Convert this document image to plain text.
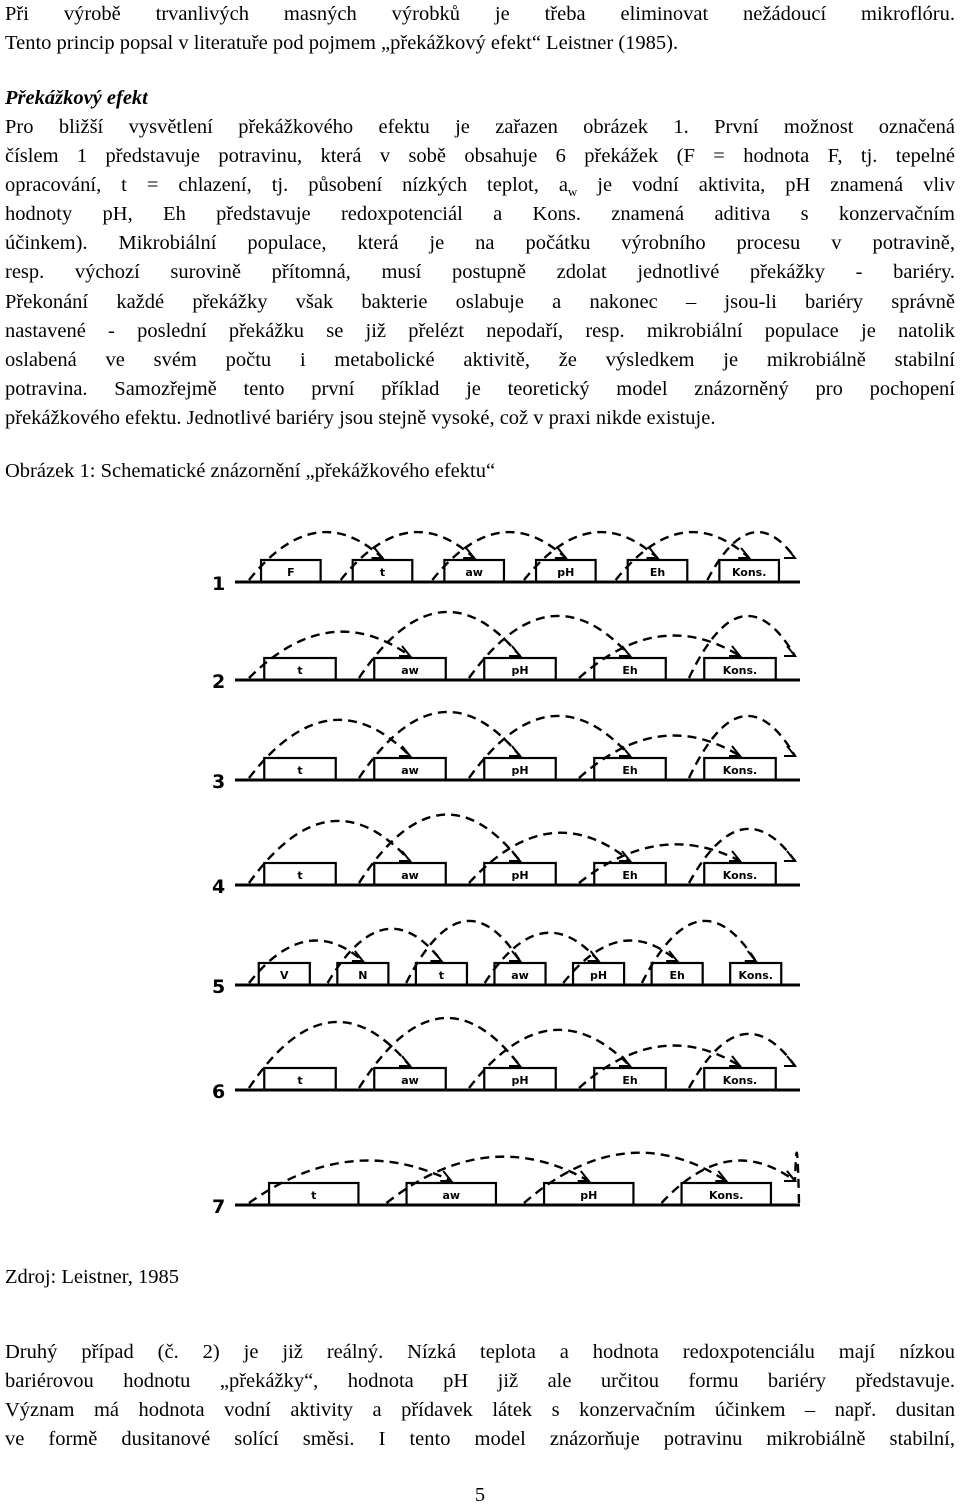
Při výrobě trvanlivých masných výrobků je třeba eliminovat nežádoucí mikroflóru.
Tento princip popsal v literatuře pod pojmem „překážkový efekt“ Leistner (1985).
Překážkový efekt
Pro bližší vysvětlení překážkového efektu je zařazen obrázek 1. První možnost označená
číslem 1 představuje potravinu, která v sobě obsahuje 6 překážek (F = hodnota F, tj. tepelné
opracování, t = chlazení, tj. působení nízkých teplot, $a_w$ je vodní aktivita, pH znamená vliv
hodnoty pH, Eh představuje redoxpotenciál a Kons. znamená aditiva s konzervačním
účinkem). Mikrobiální populace, která je na počátku výrobního procesu v potravině,
resp. výchozí surovině přítomná, musí postupně zdolat jednotlivé překážky - bariéry.
Překonání každé překážky však bakterie oslabuje a nakonec – jsou-li bariéry správně
nastavené - poslední překážku se již přelézt nepodaří, resp. mikrobiální populace je natolik
oslabená ve svém počtu i metabolické aktivitě, že výsledkem je mikrobiálně stabilní
potravina. Samozřejmě tento první příklad je teoretický model znázorněný pro pochopení
překážkového efektu. Jednotlivé bariéry jsou stejně vysoké, což v praxi nikde existuje.
Obrázek 1: Schematické znázornění „překážkového efektu“
1
F	t	aw	pH	Eh	Kons.
2
t	aw	pH	Eh	Kons.
3
t	aw	pH	Eh	Kons.
4
t	aw	pH	Eh	Kons.
5
V	N	t	aw	pH	Eh	Kons.
6
t	aw	pH	Eh	Kons.
7
t	aw	pH	Kons.
Zdroj: Leistner, 1985
Druhý případ (č. 2) je již reálný. Nízká teplota a hodnota redoxpotenciálu mají nízkou
bariérovou hodnotu „překážky“, hodnota pH již ale určitou formu bariéry představuje.
Význam má hodnota vodní aktivity a přídavek látek s konzervačním účinkem – např. dusitan
ve formě dusitanové solící směsi. I tento model znázorňuje potravinu mikrobiálně stabilní,
5
